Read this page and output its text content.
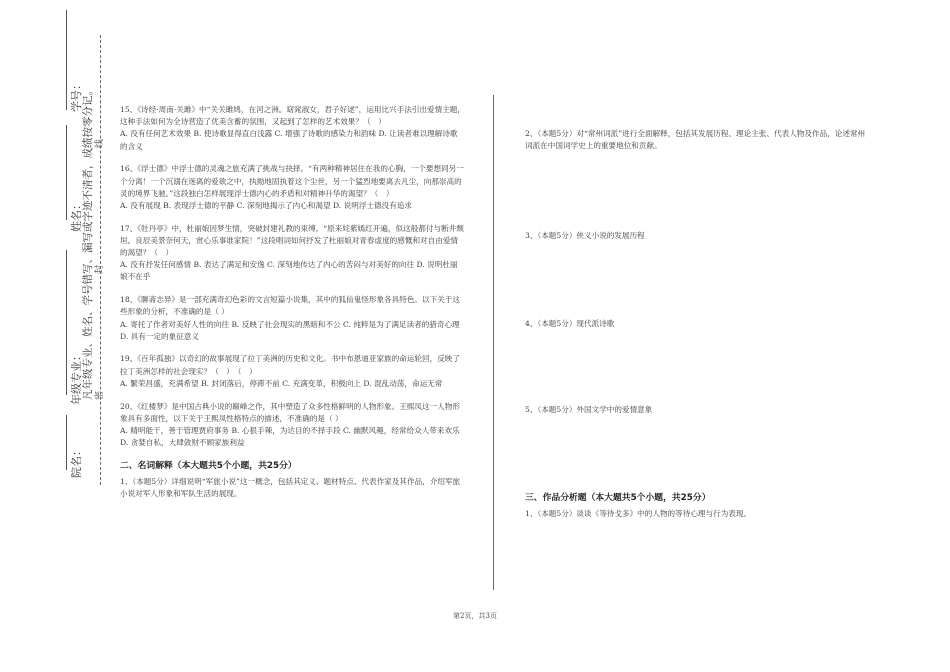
学号：
姓名：
年级专业：
院名：
凡年级专业、姓名、学号错写、漏写或字迹不清者，成绩按零分记。 密　　　　　　　　　　　　　封　　　　　　　　　　　　　线

15、《诗经·周南·关雎》中“关关雎鸠，在河之洲。窈窕淑女，君子好逑”，运用比兴手法引出爱情主题，这种手法如何为全诗营造了优美含蓄的氛围，又起到了怎样的艺术效果？（　）

A. 没有任何艺术效果 B. 使诗歌显得直白浅露 C. 增强了诗歌的感染力和韵味 D. 让读者难以理解诗歌的含义

16、《浮士德》中浮士德的灵魂之旅充满了挑战与抉择。“有两种精神居住在我的心胸，一个要想同另一个分离！一个沉溺在迷离的爱欲之中，执拗地固执着这个尘世，另一个猛烈地要离去凡尘，向那崇高的灵的境界飞驰。”这段独白怎样展现浮士德内心的矛盾和对精神升华的渴望？（　）

A. 没有展现 B. 表现浮士德的平静 C. 深刻地揭示了内心和渴望 D. 说明浮士德没有追求

17、《牡丹亭》中，杜丽娘因梦生情，突破封建礼教的束缚。“原来姹紫嫣红开遍，似这般都付与断井颓垣。良辰美景奈何天，赏心乐事谁家院！”这段唱词如何抒发了杜丽娘对青春虚度的感慨和对自由爱情的渴望？（　）

A. 没有抒发任何感情 B. 表达了满足和安逸 C. 深刻地传达了内心的苦闷与对美好的向往 D. 说明杜丽娘不在乎

18、《聊斋志异》是一部充满奇幻色彩的文言短篇小说集，其中的狐仙鬼怪形象各具特色。以下关于这些形象的分析，不准确的是（ ）

A. 寄托了作者对美好人性的向往 B. 反映了社会现实的黑暗和不公 C. 纯粹是为了满足读者的猎奇心理 D. 具有一定的象征意义

19、《百年孤独》以奇幻的故事展现了拉丁美洲的历史和文化。书中布恩迪亚家族的命运轮回，反映了拉丁美洲怎样的社会现实？（　）　（　）

A. 繁荣昌盛，充满希望 B. 封闭落后，停滞不前 C. 充满变革，积极向上 D. 混乱动荡，命运无常

20、《红楼梦》是中国古典小说的巅峰之作，其中塑造了众多性格鲜明的人物形象。王熙凤这一人物形象具有多面性，以下关于王熙凤性格特点的描述，不准确的是（ ）

A. 精明能干，善于管理贾府事务 B. 心狠手辣，为达目的不择手段 C. 幽默风趣，经常给众人带来欢乐 D. 贪婪自私，大肆敛财不顾家族利益

二、名词解释（本大题共5个小题，共25分）

1、（本题5分）详细说明“军旅小说”这一概念，包括其定义、题材特点、代表作家及其作品，介绍军旅小说对军人形象和军队生活的展现。

2、（本题5分）对“常州词派”进行全面解释，包括其发展历程、理论主张、代表人物及作品，论述常州词派在中国词学史上的重要地位和贡献。

3、（本题5分）侠义小说的发展历程

4、（本题5分）现代派诗歌

5、（本题5分）外国文学中的爱情意象

三、作品分析题（本大题共5个小题，共25分）

1、（本题5分）谈谈《等待戈多》中的人物的等待心理与行为表现。

第2页，共3页
